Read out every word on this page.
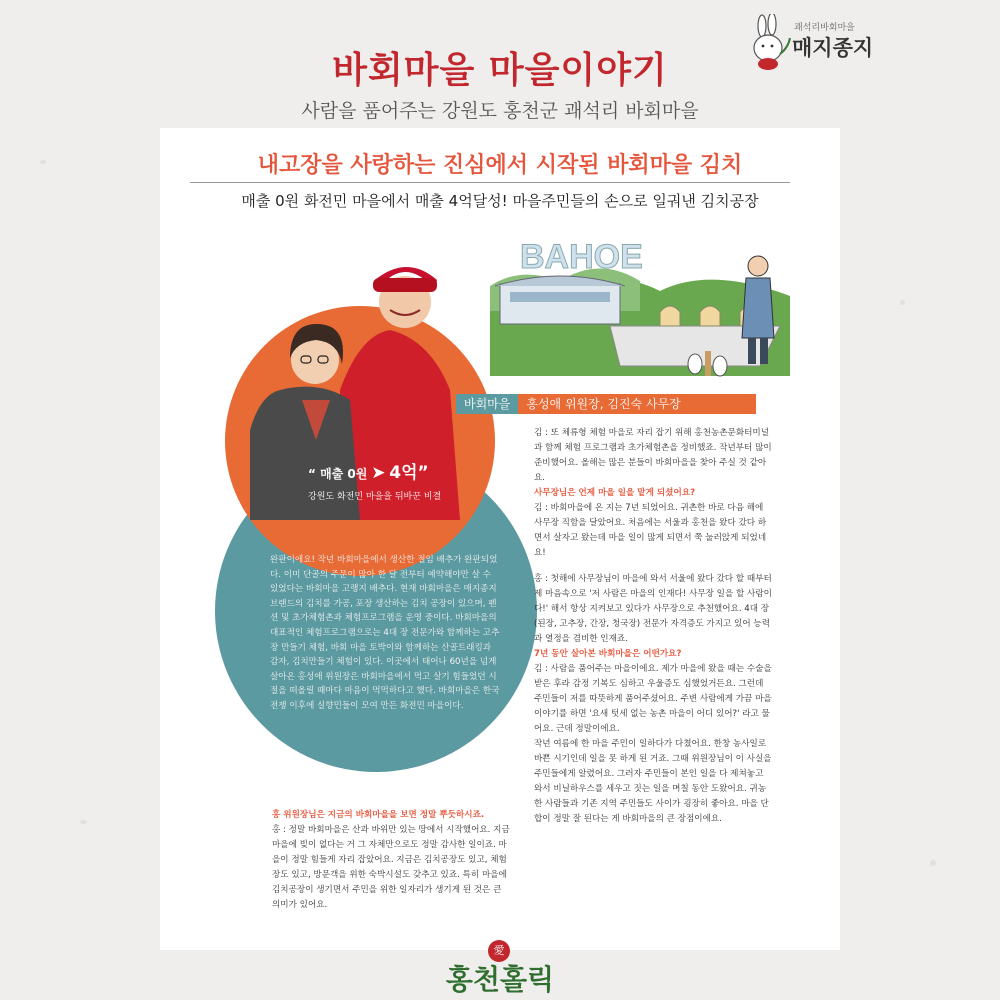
바회마을 마을이야기
사람을 품어주는 강원도 홍천군 괘석리 바회마을
괘석리바회마을
매지종지
내고장을 사랑하는 진심에서 시작된 바회마을 김치
매출 0원 화전민 마을에서 매출 4억달성! 마을주민들의 손으로 일궈낸 김치공장
“ 매출 0원 ➤ 4억”
강원도 화전민 마을을 뒤바꾼 비결
완판이에요! 작년 바회마을에서 생산한 절임 배추가 완판되었다. 이미 단골의 주문이 많아 한 달 전부터 예약해야만 살 수 있었다는 바회마을 고랭지 배추다. 현재 바회마을은 매지종지 브랜드의 김치를 가공, 포장 생산하는 김치 공장이 있으며, 펜션 및 초가체험촌과 체험프로그램을 운영 중이다. 바회마을의 대표적인 체험프로그램으로는 4대 장 전문가와 함께하는 고추장 만들기 체험, 바회 마을 토박이와 함께하는 산골트래킹과 감자, 김치만들기 체험이 있다. 이곳에서 태어나 60년을 넘게 살아온 홍성애 위원장은 바회마을에서 먹고 살기 힘들었던 시절을 떠올릴 때마다 마음이 먹먹하다고 했다. 바회마을은 한국 전쟁 이후에 실향민들이 모여 만든 화전민 마을이다.
BAHOE
바회마을 홍성애 위원장, 김진숙 사무장

김 : 또 체류형 체험 마을로 자리 잡기 위해 홍천농촌문화터미널과 함께 체험 프로그램과 초가체험촌을 정비했죠. 작년부터 많이 준비했어요. 올해는 많은 분들이 바회마을을 찾아 주실 것 같아요.

사무장님은 언제 마을 일을 맡게 되셨어요?

김 : 바회마을에 온 지는 7년 되었어요. 귀촌한 바로 다음 해에 사무장 직함을 달았어요. 처음에는 서울과 홍천을 왔다 갔다 하면서 살자고 왔는데 마을 일이 많게 되면서 쭉 눌러앉게 되었네요!

홍 : 첫해에 사무장님이 마을에 와서 서울에 왔다 갔다 할 때부터 제 마음속으로 '저 사람은 마을의 인재다! 사무장 일을 할 사람이다!' 해서 항상 지켜보고 있다가 사무장으로 추천했어요. 4대 장(된장, 고추장, 간장, 청국장) 전문가 자격증도 가지고 있어 능력과 열정을 겸비한 인재죠.

7년 동안 살아본 바회마을은 어떤가요?

김 : 사람을 품어주는 마을이에요. 제가 마을에 왔을 때는 수술을 받은 후라 감정 기복도 심하고 우울증도 심했었거든요. 그런데 주민들이 저를 따뜻하게 품어주셨어요. 주변 사람에게 가끔 마을 이야기를 하면 '요새 텃세 없는 농촌 마을이 어디 있어?' 라고 물어요. 근데 정말이에요.

작년 여름에 한 마을 주민이 일하다가 다쳤어요. 한창 농사일로 바쁜 시기인데 일을 못 하게 된 거죠. 그때 위원장님이 이 사실을 주민들에게 알렸어요. 그러자 주민들이 본인 일을 다 제쳐놓고 와서 비닐하우스를 세우고 짓는 일을 며칠 동안 도왔어요. 귀농한 사람들과 기존 지역 주민들도 사이가 굉장히 좋아요. 마을 단합이 정말 잘 된다는 게 바회마을의 큰 장점이에요.

홍 위원장님은 지금의 바회마을을 보면 정말 뿌듯하시죠.

홍 : 정말 바회마을은 산과 바위만 있는 땅에서 시작했어요. 지금 마을에 빚이 없다는 거 그 자체만으로도 정말 감사한 일이죠. 마을이 정말 힘들게 자리 잡았어요. 지금은 김치공장도 있고, 체험장도 있고, 방문객을 위한 숙박시설도 갖추고 있죠. 특히 마을에 김치공장이 생기면서 주민을 위한 일자리가 생기게 된 것은 큰 의미가 있어요.

愛
홍천홀릭
